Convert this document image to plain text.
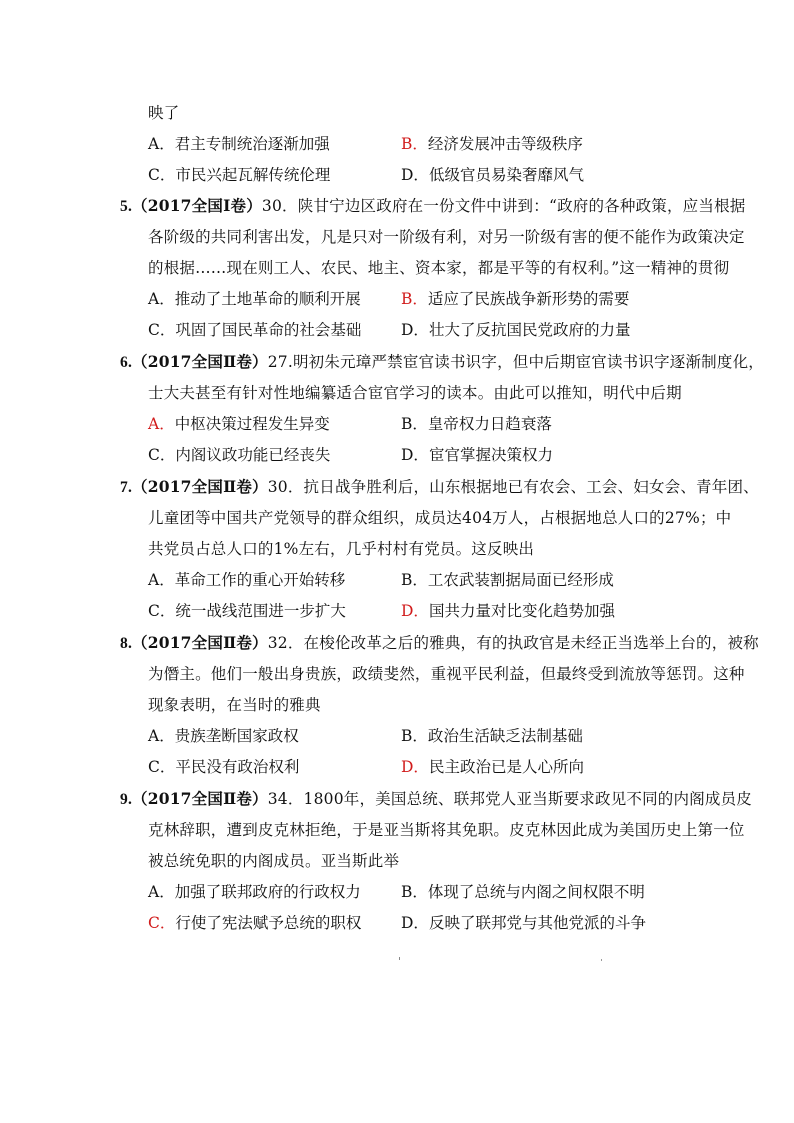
映了
A．君主专制统治逐渐加强	B．经济发展冲击等级秩序
C．市民兴起瓦解传统伦理	D．低级官员易染奢靡风气
5.（2017全国Ⅰ卷）30．陕甘宁边区政府在一份文件中讲到：“政府的各种政策，应当根据
各阶级的共同利害出发，凡是只对一阶级有利，对另一阶级有害的便不能作为政策决定
的根据……现在则工人、农民、地主、资本家，都是平等的有权利。”这一精神的贯彻
A．推动了土地革命的顺利开展	B．适应了民族战争新形势的需要
C．巩固了国民革命的社会基础	D．壮大了反抗国民党政府的力量
6.（2017全国Ⅱ卷）27.明初朱元璋严禁宦官读书识字，但中后期宦官读书识字逐渐制度化，
士大夫甚至有针对性地编纂适合宦官学习的读本。由此可以推知，明代中后期
A．中枢决策过程发生异变	B．皇帝权力日趋衰落
C．内阁议政功能已经丧失	D．宦官掌握决策权力
7.（2017全国Ⅱ卷）30．抗日战争胜利后，山东根据地已有农会、工会、妇女会、青年团、
儿童团等中国共产党领导的群众组织，成员达404万人，占根据地总人口的27%；中
共党员占总人口的1%左右，几乎村村有党员。这反映出
A．革命工作的重心开始转移	B．工农武装割据局面已经形成
C．统一战线范围进一步扩大	D．国共力量对比变化趋势加强
8.（2017全国Ⅱ卷）32．在梭伦改革之后的雅典，有的执政官是未经正当选举上台的，被称
为僭主。他们一般出身贵族，政绩斐然，重视平民利益，但最终受到流放等惩罚。这种
现象表明，在当时的雅典
A．贵族垄断国家政权	B．政治生活缺乏法制基础
C．平民没有政治权利	D．民主政治已是人心所向
9.（2017全国Ⅱ卷）34．1800年，美国总统、联邦党人亚当斯要求政见不同的内阁成员皮
克林辞职，遭到皮克林拒绝，于是亚当斯将其免职。皮克林因此成为美国历史上第一位
被总统免职的内阁成员。亚当斯此举
A．加强了联邦政府的行政权力	B．体现了总统与内阁之间权限不明
C．行使了宪法赋予总统的职权	D．反映了联邦党与其他党派的斗争
